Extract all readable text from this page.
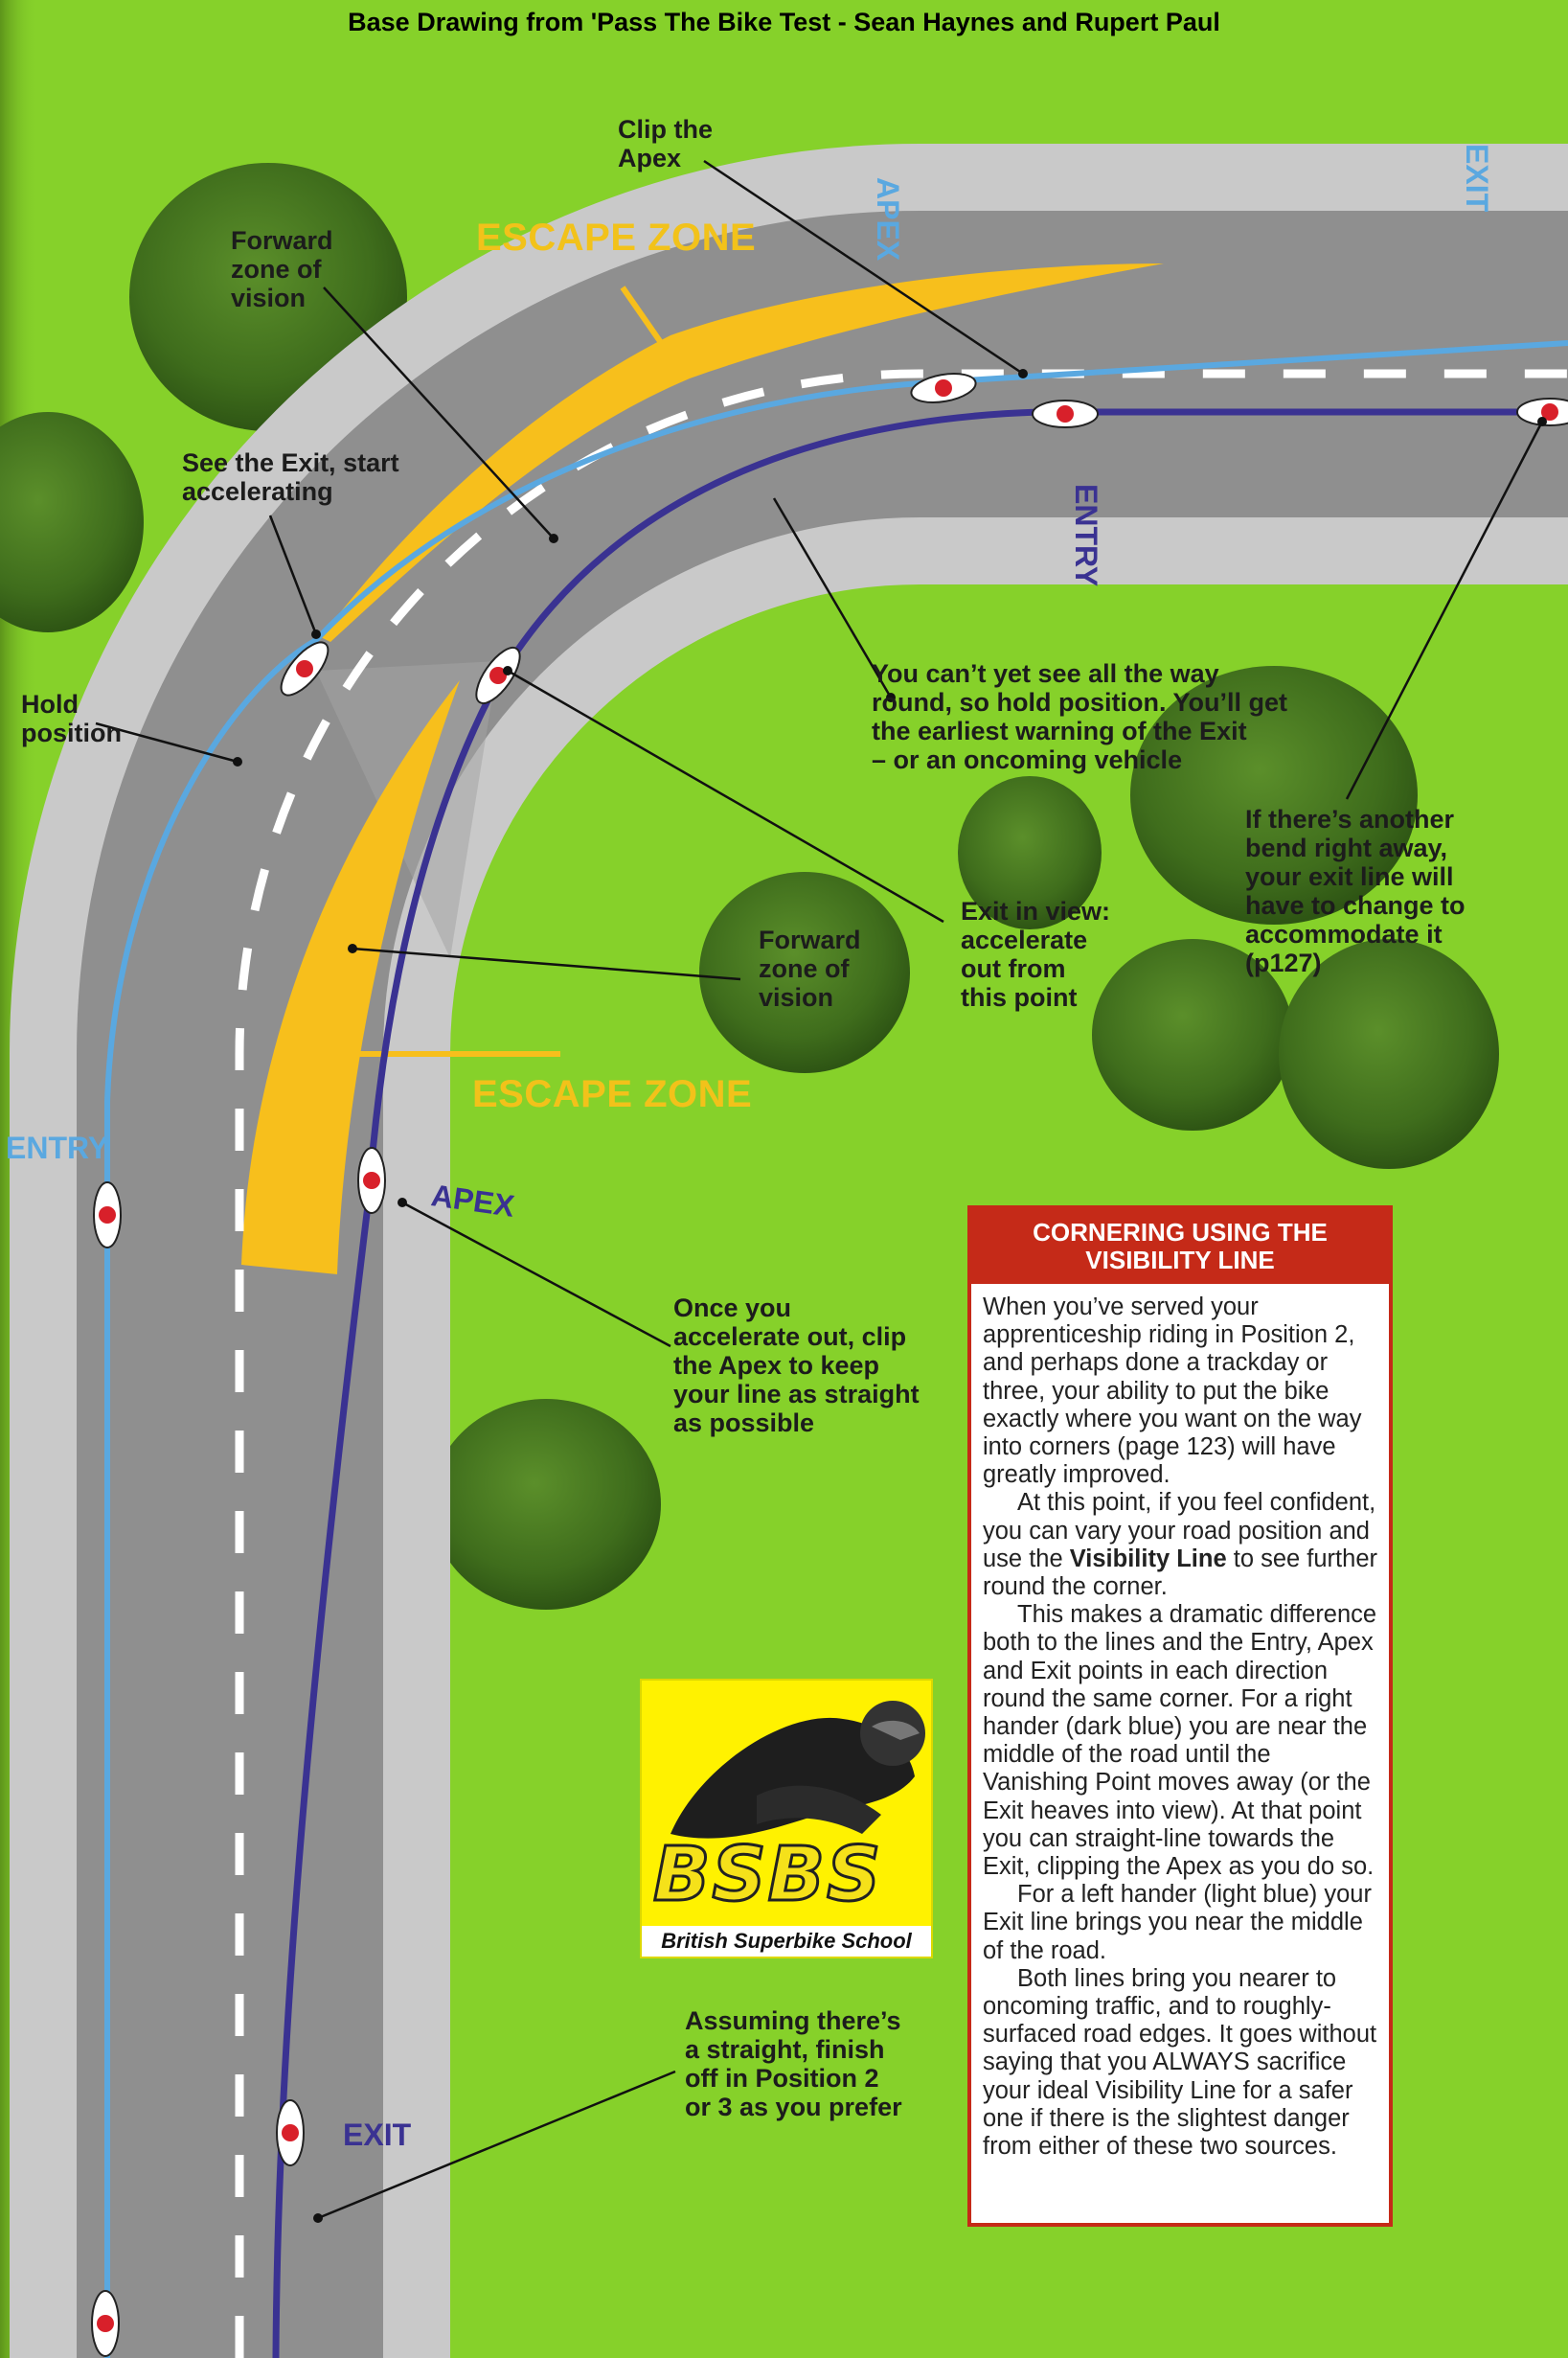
Base Drawing from 'Pass The Bike Test - Sean Haynes and Rupert Paul
APEX	EXIT
ENTRY
ENTRY
APEX
EXIT
ESCAPE ZONE
ESCAPE ZONE
Clip the
Apex
Forward
zone of
vision
See the Exit, start
accelerating
Hold
position
You can’t yet see all the way
round, so hold position. You’ll get
the earliest warning of the Exit
– or an oncoming vehicle
If there’s another
bend right away,
your exit line will
have to change to
accommodate it
(p127)
Forward
zone of
vision
Exit in view:
accelerate
out from
this point
Once you
accelerate out, clip
the Apex to keep
your line as straight
as possible
Assuming there’s
a straight, finish
off in Position 2
or 3 as you prefer
CORNERING USING THE
VISIBILITY LINE

When you’ve served your apprenticeship riding in Position 2, and perhaps done a trackday or three, your ability to put the bike exactly where you want on the way into corners (page 123) will have greatly improved.

At this point, if you feel confident, you can vary your road position and use the Visibility Line to see further round the corner.

This makes a dramatic difference both to the lines and the Entry, Apex and Exit points in each direction round the same corner. For a right hander (dark blue) you are near the middle of the road until the Vanishing Point moves away (or the Exit heaves into view). At that point you can straight-line towards the Exit, clipping the Apex as you do so.

For a left hander (light blue) your Exit line brings you near the middle of the road.

Both lines bring you nearer to oncoming traffic, and to roughly-surfaced road edges. It goes without saying that you ALWAYS sacrifice your ideal Visibility Line for a safer one if there is the slightest danger from either of these two sources.

BSBS
British Superbike School
